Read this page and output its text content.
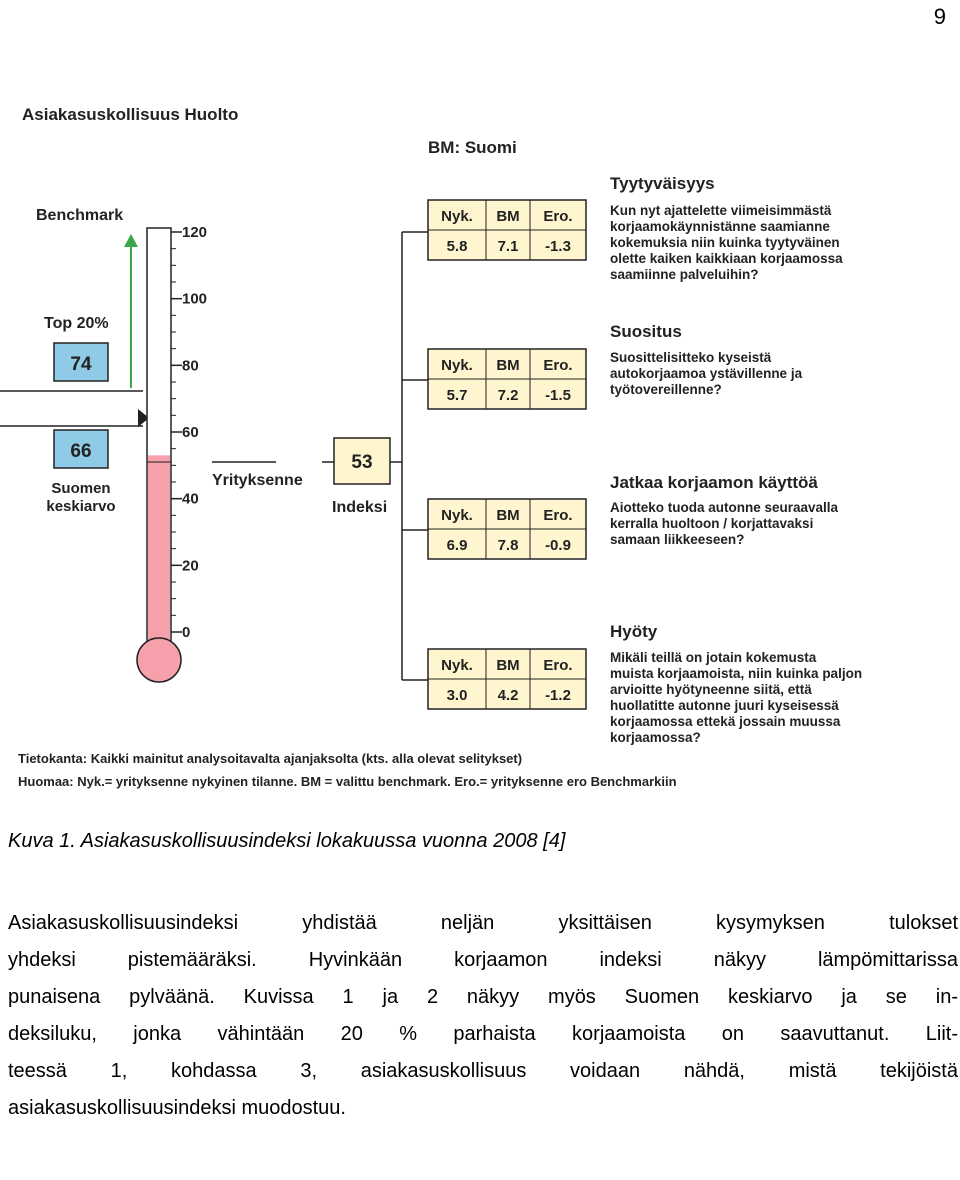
9
Asiakasuskollisuus Huolto
BM: Suomi
Benchmark
Top 20%
74
66
Suomen
keskiarvo
120
100
80
60
40
20
0
Yrityksenne
53
Indeksi
Nyk. BM Ero.
5.8 7.1 -1.3
Nyk. BM Ero.
5.7 7.2 -1.5
Nyk. BM Ero.
6.9 7.8 -0.9
Nyk. BM Ero.
3.0 4.2 -1.2
Tyytyväisyys
Kun nyt ajattelette viimeisimmästä
korjaamokäynnistänne saamianne
kokemuksia niin kuinka tyytyväinen
olette kaiken kaikkiaan korjaamossa
saamiinne palveluihin?
Suositus
Suosittelisitteko kyseistä
autokorjaamoa ystävillenne ja
työtovereillenne?
Jatkaa korjaamon käyttöä
Aiotteko tuoda autonne seuraavalla
kerralla huoltoon / korjattavaksi
samaan liikkeeseen?
Hyöty
Mikäli teillä on jotain kokemusta
muista korjaamoista, niin kuinka paljon
arvioitte hyötyneenne siitä, että
huollatitte autonne juuri kyseisessä
korjaamossa ettekä jossain muussa
korjaamossa?
Tietokanta: Kaikki mainitut analysoitavalta ajanjaksolta (kts. alla olevat selitykset)
Huomaa: Nyk.= yrityksenne nykyinen tilanne. BM = valittu benchmark. Ero.= yrityksenne ero Benchmarkiin
Kuva 1. Asiakasuskollisuusindeksi lokakuussa vuonna 2008 [4]
Asiakasuskollisuusindeksi yhdistää neljän yksittäisen kysymyksen tulokset
yhdeksi pistemääräksi. Hyvinkään korjaamon indeksi näkyy lämpömittarissa
punaisena pylväänä. Kuvissa 1 ja 2 näkyy myös Suomen keskiarvo ja se in-
deksiluku, jonka vähintään 20 % parhaista korjaamoista on saavuttanut. Liit-
teessä 1, kohdassa 3, asiakasuskollisuus voidaan nähdä, mistä tekijöistä
asiakasuskollisuusindeksi muodostuu.
